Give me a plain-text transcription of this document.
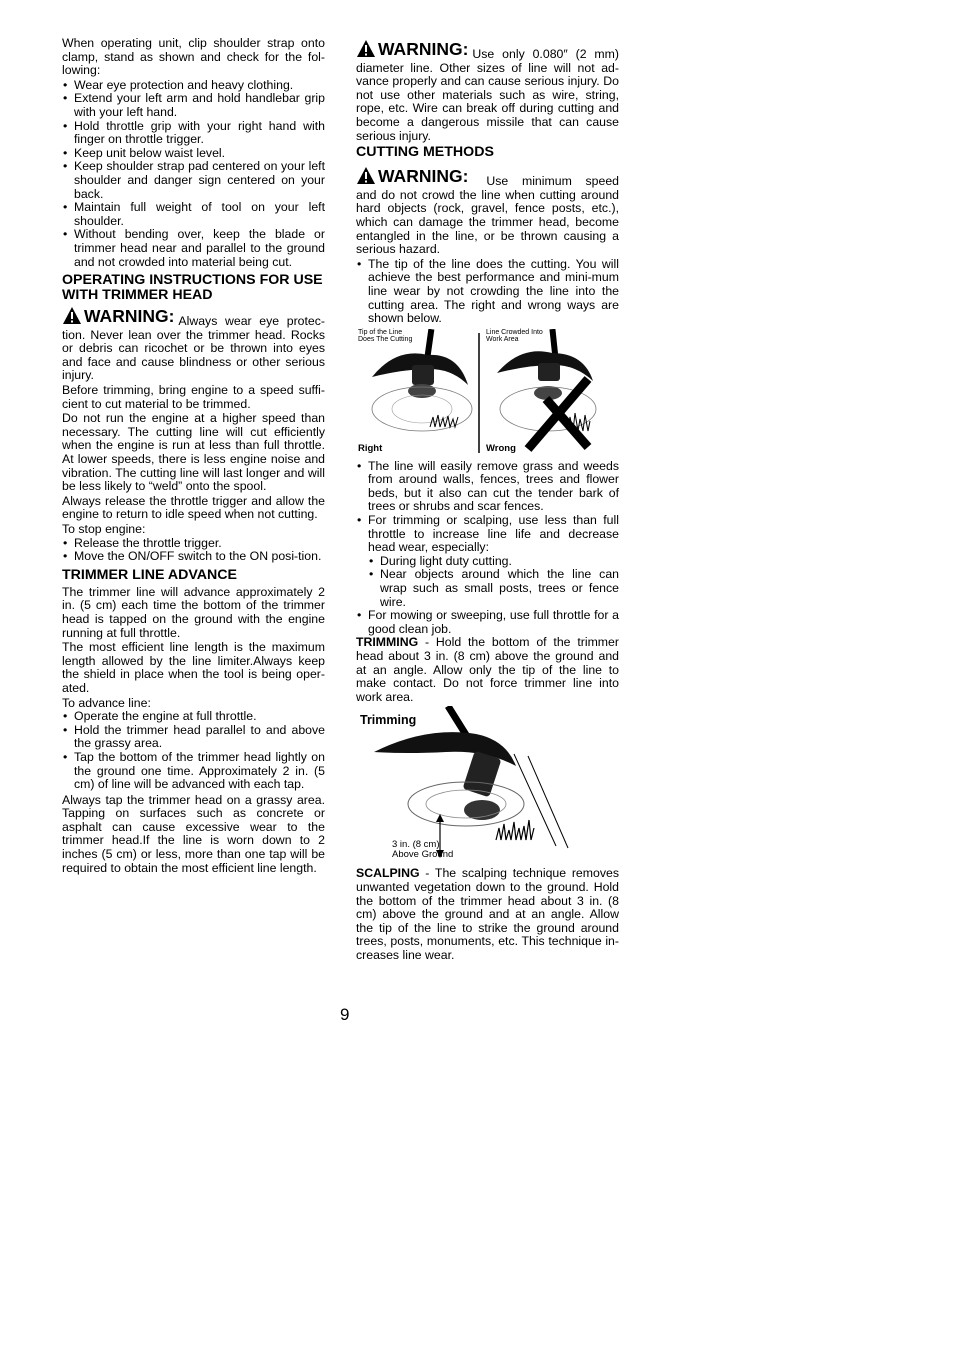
When operating unit, clip shoulder strap onto clamp, stand as shown and check for the fol-lowing:

• Wear eye protection and heavy clothing.
• Extend your left arm and hold handlebar grip with your left hand.
• Hold throttle grip with your right hand with finger on throttle trigger.
• Keep unit below waist level.
• Keep shoulder strap pad centered on your left shoulder and danger sign centered on your back.
• Maintain full weight of tool on your left shoulder.
• Without bending over, keep the blade or trimmer head near and parallel to the ground and not crowded into material being cut.
OPERATING INSTRUCTIONS FOR USE WITH TRIMMER HEAD

WARNING: Always wear eye protec-tion. Never lean over the trimmer head. Rocks or debris can ricochet or be thrown into eyes and face and cause blindness or other serious injury.

Before trimming, bring engine to a speed suffi-cient to cut material to be trimmed.

Do not run the engine at a higher speed than necessary. The cutting line will cut efficiently when the engine is run at less than full throttle. At lower speeds, there is less engine noise and vibration. The cutting line will last longer and will be less likely to “weld” onto the spool.

Always release the throttle trigger and allow the engine to return to idle speed when not cutting.

To stop engine:

• Release the throttle trigger.
• Move the ON/OFF switch to the ON posi-tion.
TRIMMER LINE ADVANCE

The trimmer line will advance approximately 2 in. (5 cm) each time the bottom of the trimmer head is tapped on the ground with the engine running at full throttle.

The most efficient line length is the maximum length allowed by the line limiter.Always keep the shield in place when the tool is being oper-ated.

To advance line:

• Operate the engine at full throttle.
• Hold the trimmer head parallel to and above the grassy area.
• Tap the bottom of the trimmer head lightly on the ground one time. Approximately 2 in. (5 cm) of line will be advanced with each tap.

Always tap the trimmer head on a grassy area. Tapping on surfaces such as concrete or asphalt can cause excessive wear to the trimmer head.If the line is worn down to 2 inches (5 cm) or less, more than one tap will be required to obtain the most efficient line length.

WARNING: Use only 0.080″ (2 mm) diameter line. Other sizes of line will not ad-vance properly and can cause serious injury. Do not use other materials such as wire, string, rope, etc. Wire can break off during cutting and become a dangerous missile that can cause serious injury.

CUTTING METHODS

WARNING: Use minimum speed and do not crowd the line when cutting around hard objects (rock, gravel, fence posts, etc.), which can damage the trimmer head, become entangled in the line, or be thrown causing a serious hazard.

• The tip of the line does the cutting. You will achieve the best performance and mini-mum line wear by not crowding the line into the cutting area. The right and wrong ways are shown below.
Tip of the Line
Does The Cutting
Line Crowded Into
Work Area
Right	Wrong
• The line will easily remove grass and weeds from around walls, fences, trees and flower beds, but it also can cut the tender bark of trees or shrubs and scar fences.
• For trimming or scalping, use less than full throttle to increase line life and decrease head wear, especially:
• During light duty cutting.
• Near objects around which the line can wrap such as small posts, trees or fence wire.
• For mowing or sweeping, use full throttle for a good clean job.

TRIMMING - Hold the bottom of the trimmer head about 3 in. (8 cm) above the ground and at an angle. Allow only the tip of the line to make contact. Do not force trimmer line into work area.

Trimming
3 in. (8 cm)
Above Ground

SCALPING - The scalping technique removes unwanted vegetation down to the ground. Hold the bottom of the trimmer head about 3 in. (8 cm) above the ground and at an angle. Allow the tip of the line to strike the ground around trees, posts, monuments, etc. This technique in-creases line wear.

9
